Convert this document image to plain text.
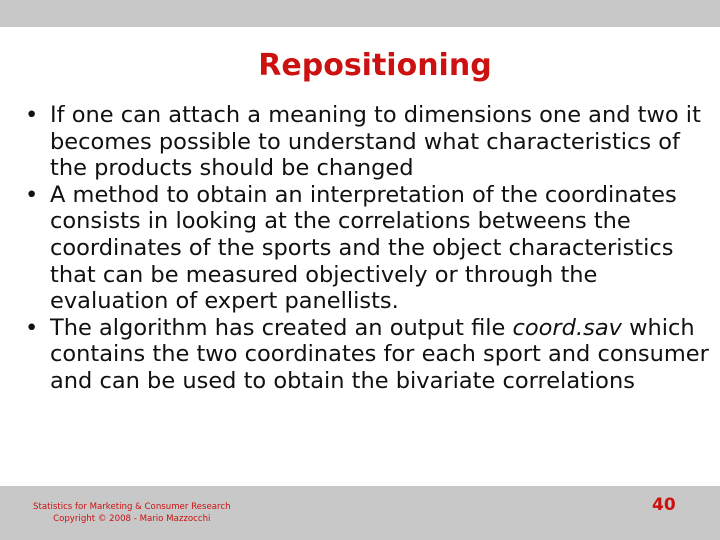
Repositioning
• If one can attach a meaning to dimensions one and two it becomes possible to understand what characteristics of the products should be changed
• A method to obtain an interpretation of the coordinates consists in looking at the correlations betweens the coordinates of the sports and the object characteristics that can be measured objectively or through the evaluation of expert panellists.
• The algorithm has created an output file coord.sav which contains the two coordinates for each sport and consumer and can be used to obtain the bivariate correlations
Statistics for Marketing & Consumer Research
Copyright © 2008 - Mario Mazzocchi
40
